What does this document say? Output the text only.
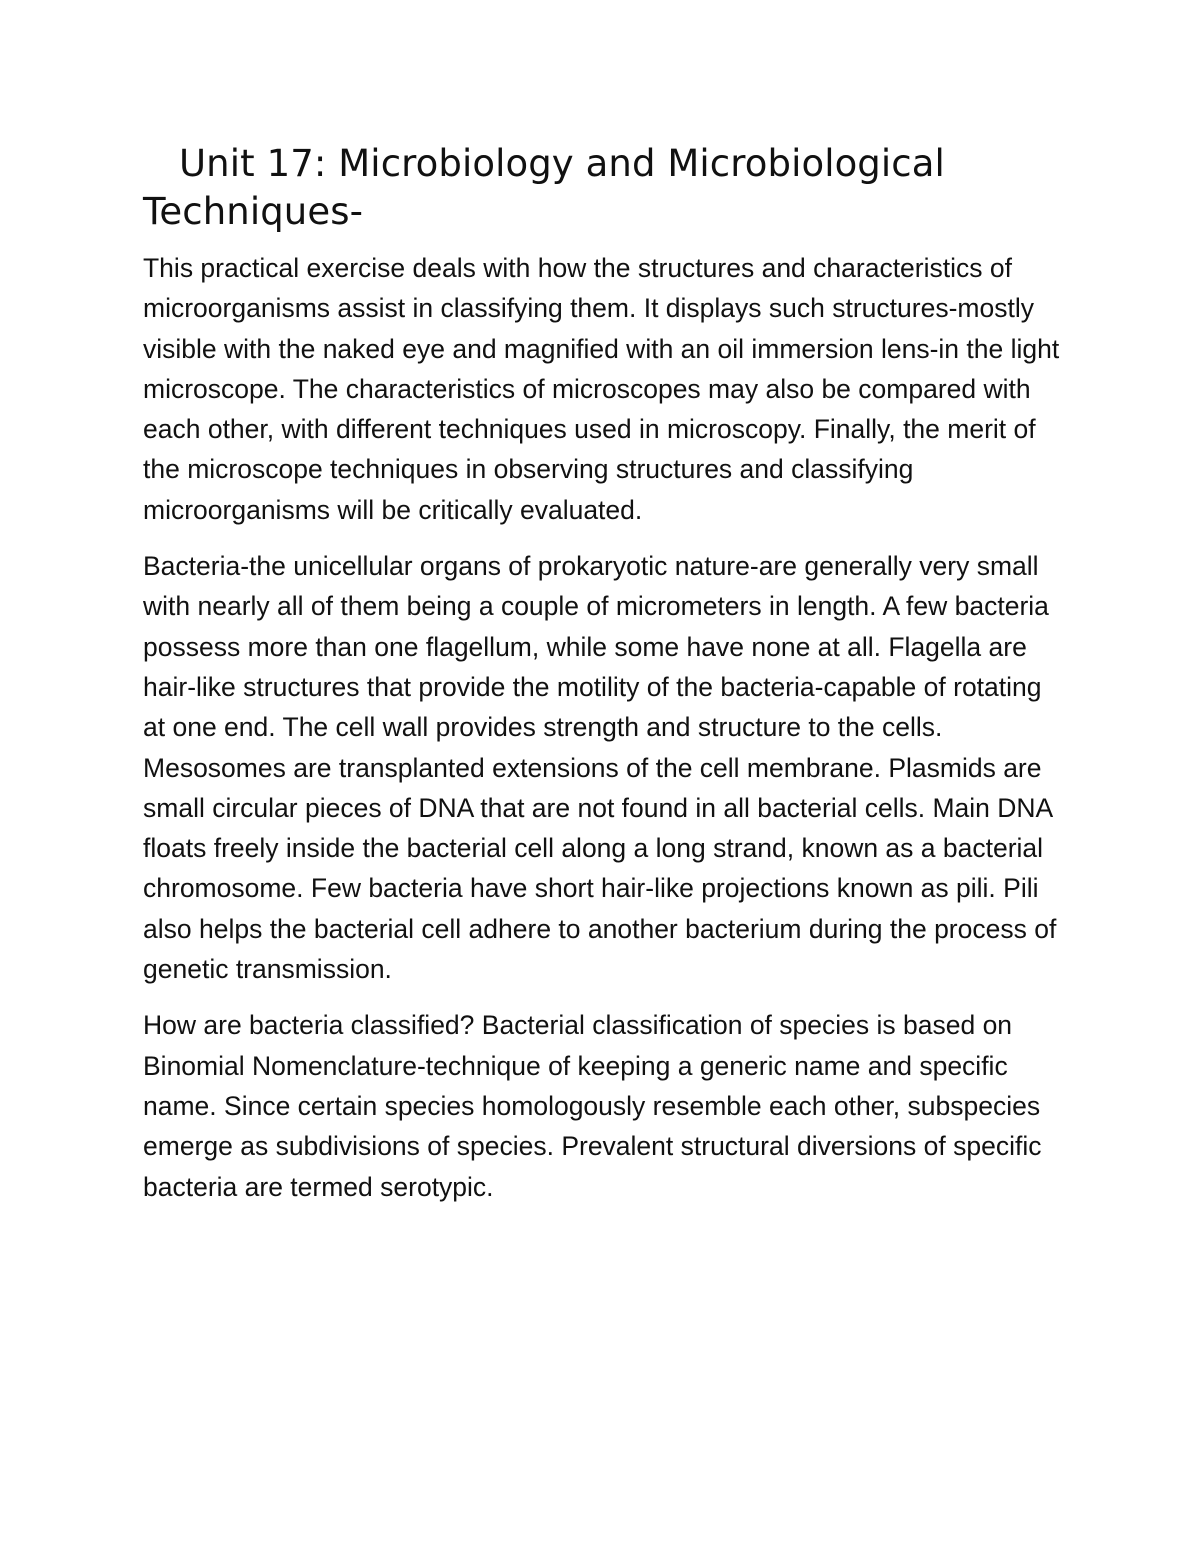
Unit 17: Microbiology and Microbiological Techniques-

This practical exercise deals with how the structures and characteristics of microorganisms assist in classifying them. It displays such structures-mostly visible with the naked eye and magnified with an oil immersion lens-in the light microscope. The characteristics of microscopes may also be compared with each other, with different techniques used in microscopy. Finally, the merit of the microscope techniques in observing structures and classifying microorganisms will be critically evaluated.

Bacteria-the unicellular organs of prokaryotic nature-are generally very small with nearly all of them being a couple of micrometers in length. A few bacteria possess more than one flagellum, while some have none at all. Flagella are hair-like structures that provide the motility of the bacteria-capable of rotating at one end. The cell wall provides strength and structure to the cells. Mesosomes are transplanted extensions of the cell membrane. Plasmids are small circular pieces of DNA that are not found in all bacterial cells. Main DNA floats freely inside the bacterial cell along a long strand, known as a bacterial chromosome. Few bacteria have short hair-like projections known as pili. Pili also helps the bacterial cell adhere to another bacterium during the process of genetic transmission.

How are bacteria classified? Bacterial classification of species is based on Binomial Nomenclature-technique of keeping a generic name and specific name. Since certain species homologously resemble each other, subspecies emerge as subdivisions of species. Prevalent structural diversions of specific bacteria are termed serotypic.
